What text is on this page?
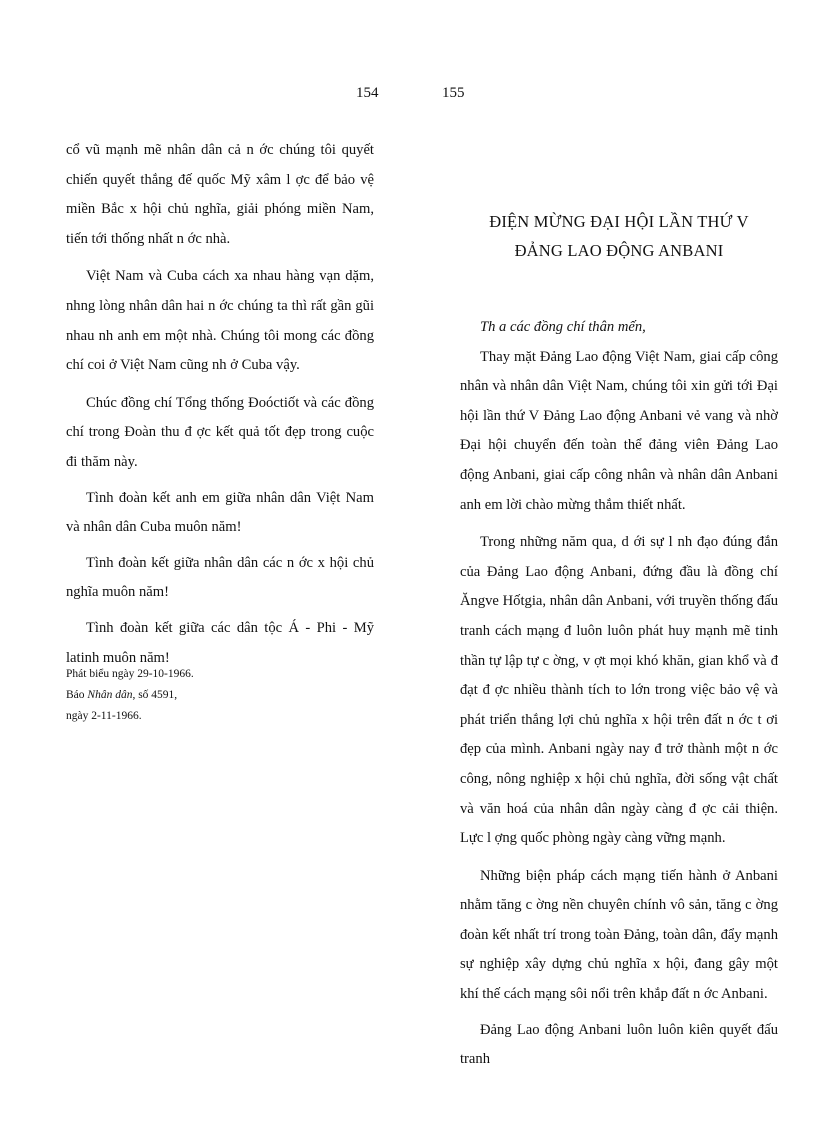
154

cổ vũ mạnh mẽ nhân dân cả n ớc chúng tôi quyết chiến quyết thắng đế quốc Mỹ xâm l ợc để bảo vệ miền Bắc x hội chủ nghĩa, giải phóng miền Nam, tiến tới thống nhất n ớc nhà.

Việt Nam và Cuba cách xa nhau hàng vạn dặm, nhng lòng nhân dân hai n ớc chúng ta thì rất gần gũi nhau nh anh em một nhà. Chúng tôi mong các đồng chí coi ở Việt Nam cũng nh ở Cuba vậy.

Chúc đồng chí Tổng thống Đoóctiốt và các đồng chí trong Đoàn thu đ ợc kết quả tốt đẹp trong cuộc đi thăm này.

Tình đoàn kết anh em giữa nhân dân Việt Nam và nhân dân Cuba muôn năm!

Tình đoàn kết giữa nhân dân các n ớc x hội chủ nghĩa muôn năm!

Tình đoàn kết giữa các dân tộc Á - Phi - Mỹ latinh muôn năm!

Phát biểu ngày 29-10-1966.
Báo Nhân dân, số 4591,
ngày 2-11-1966.
155
ĐIỆN MỪNG ĐẠI HỘI LẦN THỨ V
ĐẢNG LAO ĐỘNG ANBANI

Th a các đồng chí thân mến,

Thay mặt Đảng Lao động Việt Nam, giai cấp công nhân và nhân dân Việt Nam, chúng tôi xin gửi tới Đại hội lần thứ V Đảng Lao động Anbani vẻ vang và nhờ Đại hội chuyển đến toàn thể đảng viên Đảng Lao động Anbani, giai cấp công nhân và nhân dân Anbani anh em lời chào mừng thắm thiết nhất.

Trong những năm qua, d ới sự l nh đạo đúng đắn của Đảng Lao động Anbani, đứng đầu là đồng chí Ăngve Hốtgia, nhân dân Anbani, với truyền thống đấu tranh cách mạng đ luôn luôn phát huy mạnh mẽ tinh thần tự lập tự c ờng, v ợt mọi khó khăn, gian khổ và đ đạt đ ợc nhiều thành tích to lớn trong việc bảo vệ và phát triển thắng lợi chủ nghĩa x hội trên đất n ớc t ơi đẹp của mình. Anbani ngày nay đ trở thành một n ớc công, nông nghiệp x hội chủ nghĩa, đời sống vật chất và văn hoá của nhân dân ngày càng đ ợc cải thiện. Lực l ợng quốc phòng ngày càng vững mạnh.

Những biện pháp cách mạng tiến hành ở Anbani nhằm tăng c ờng nền chuyên chính vô sản, tăng c ờng đoàn kết nhất trí trong toàn Đảng, toàn dân, đẩy mạnh sự nghiệp xây dựng chủ nghĩa x hội, đang gây một khí thế cách mạng sôi nổi trên khắp đất n ớc Anbani.

Đảng Lao động Anbani luôn luôn kiên quyết đấu tranh
